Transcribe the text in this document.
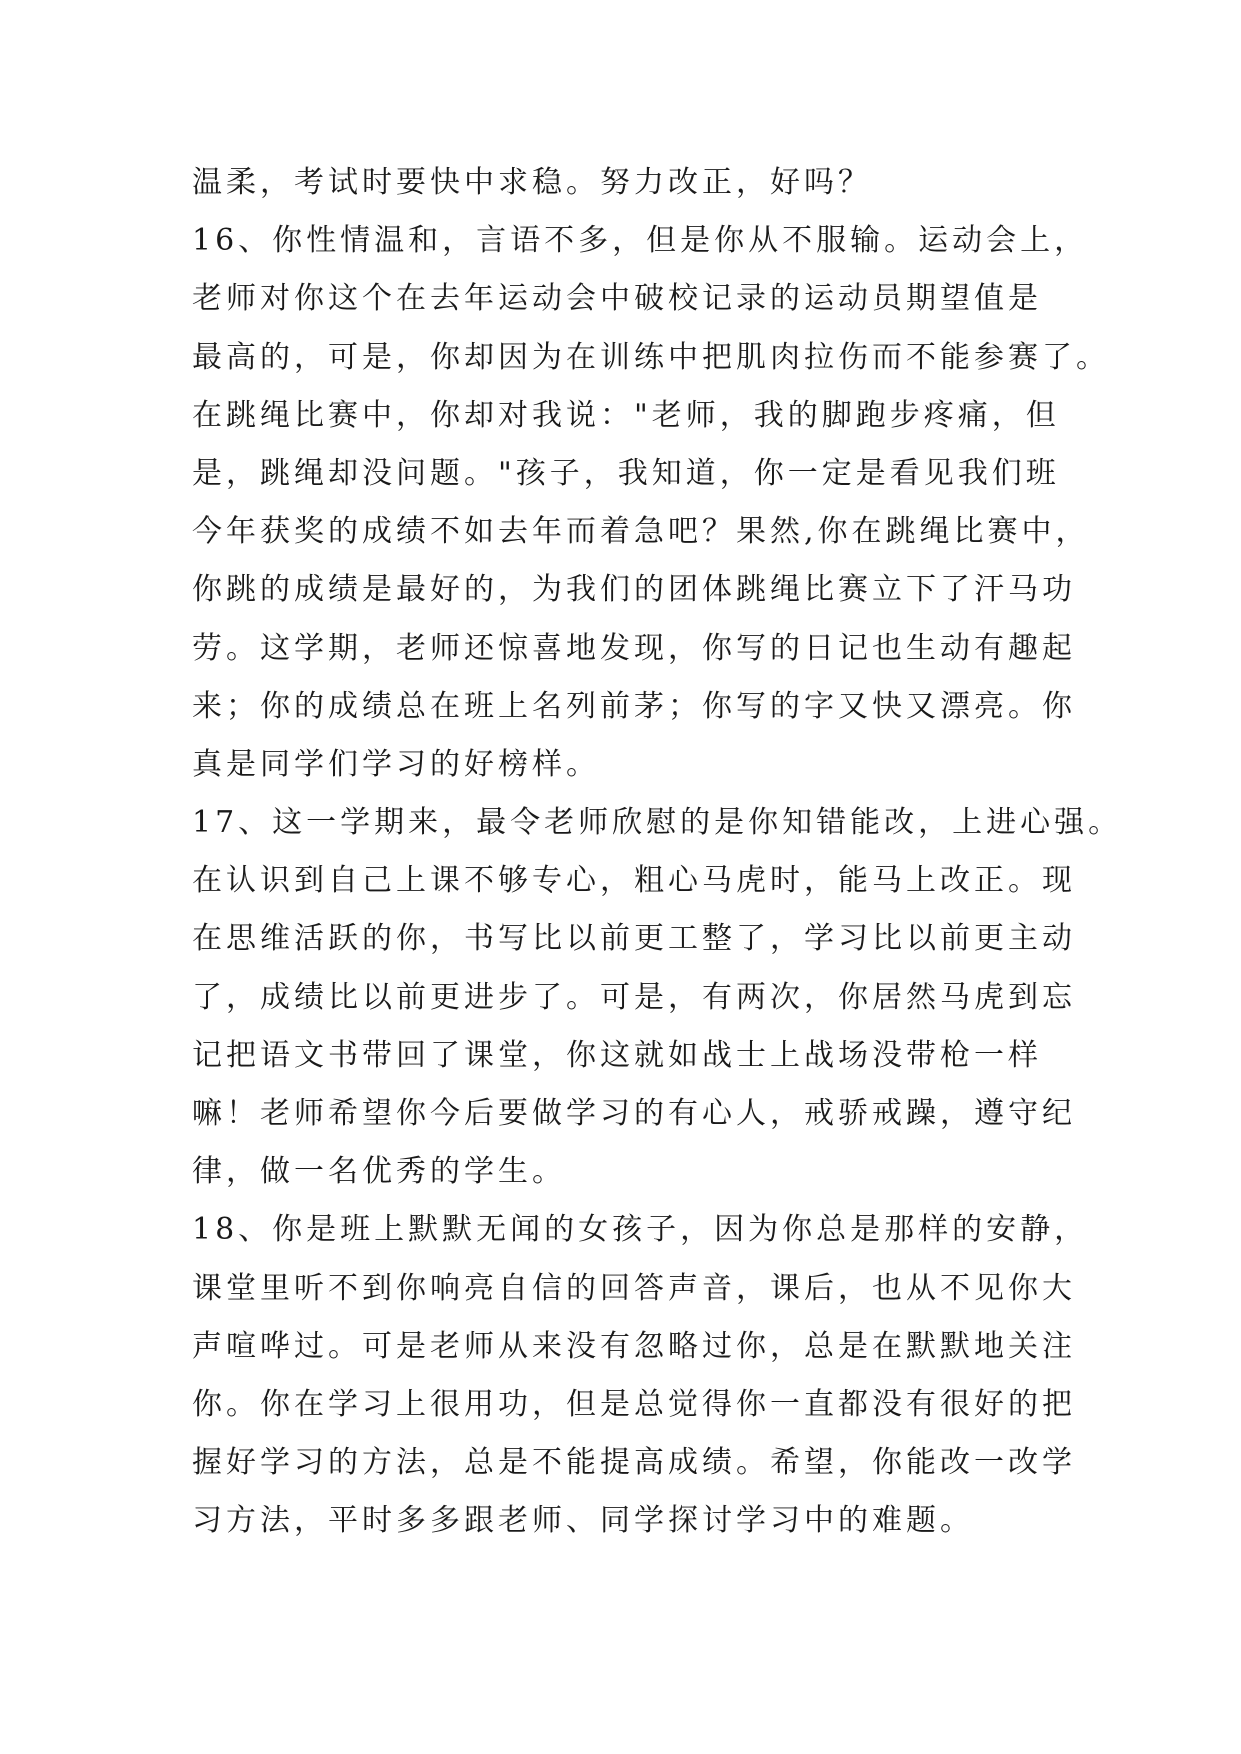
温柔，考试时要快中求稳。努力改正，好吗？
16、你性情温和，言语不多，但是你从不服输。运动会上，
老师对你这个在去年运动会中破校记录的运动员期望值是
最高的，可是，你却因为在训练中把肌肉拉伤而不能参赛了。
在跳绳比赛中，你却对我说："老师，我的脚跑步疼痛，但
是，跳绳却没问题。"孩子，我知道，你一定是看见我们班
今年获奖的成绩不如去年而着急吧？果然,你在跳绳比赛中，
你跳的成绩是最好的，为我们的团体跳绳比赛立下了汗马功
劳。这学期，老师还惊喜地发现，你写的日记也生动有趣起
来；你的成绩总在班上名列前茅；你写的字又快又漂亮。你
真是同学们学习的好榜样。
17、这一学期来，最令老师欣慰的是你知错能改，上进心强。
在认识到自己上课不够专心，粗心马虎时，能马上改正。现
在思维活跃的你，书写比以前更工整了，学习比以前更主动
了，成绩比以前更进步了。可是，有两次，你居然马虎到忘
记把语文书带回了课堂，你这就如战士上战场没带枪一样
嘛！老师希望你今后要做学习的有心人，戒骄戒躁，遵守纪
律，做一名优秀的学生。
18、你是班上默默无闻的女孩子，因为你总是那样的安静，
课堂里听不到你响亮自信的回答声音，课后，也从不见你大
声喧哗过。可是老师从来没有忽略过你，总是在默默地关注
你。你在学习上很用功，但是总觉得你一直都没有很好的把
握好学习的方法，总是不能提高成绩。希望，你能改一改学
习方法，平时多多跟老师、同学探讨学习中的难题。
